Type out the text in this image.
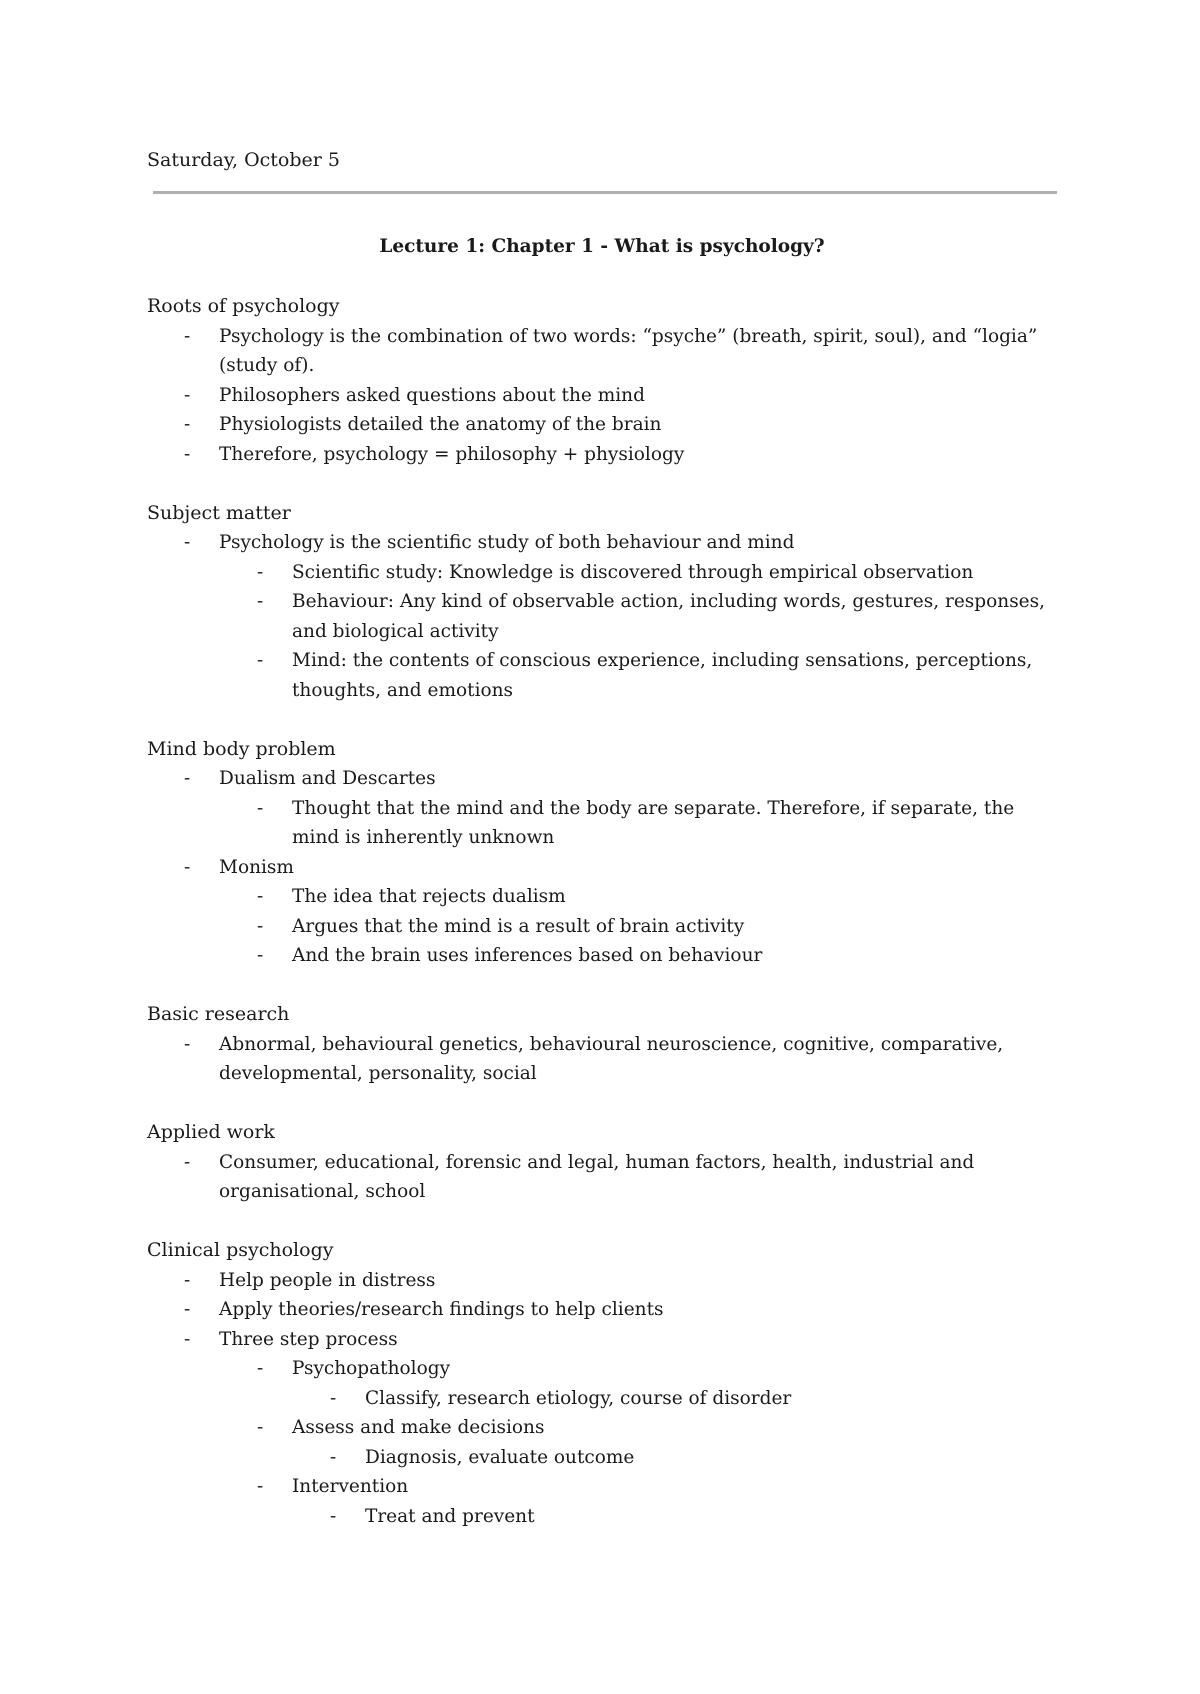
Saturday, October 5
Lecture 1: Chapter 1 - What is psychology?
Roots of psychology
- Psychology is the combination of two words: “psyche” (breath, spirit, soul), and “logia” (study of).
- Philosophers asked questions about the mind
- Physiologists detailed the anatomy of the brain
- Therefore, psychology = philosophy + physiology
Subject matter
- Psychology is the scientific study of both behaviour and mind
- Scientific study: Knowledge is discovered through empirical observation
- Behaviour: Any kind of observable action, including words, gestures, responses, and biological activity
- Mind: the contents of conscious experience, including sensations, perceptions, thoughts, and emotions
Mind body problem
- Dualism and Descartes
- Thought that the mind and the body are separate. Therefore, if separate, the mind is inherently unknown
- Monism
- The idea that rejects dualism
- Argues that the mind is a result of brain activity
- And the brain uses inferences based on behaviour
Basic research
- Abnormal, behavioural genetics, behavioural neuroscience, cognitive, comparative, developmental, personality, social
Applied work
- Consumer, educational, forensic and legal, human factors, health, industrial and organisational, school
Clinical psychology
- Help people in distress
- Apply theories/research findings to help clients
- Three step process
- Psychopathology
- Classify, research etiology, course of disorder
- Assess and make decisions
- Diagnosis, evaluate outcome
- Intervention
- Treat and prevent
